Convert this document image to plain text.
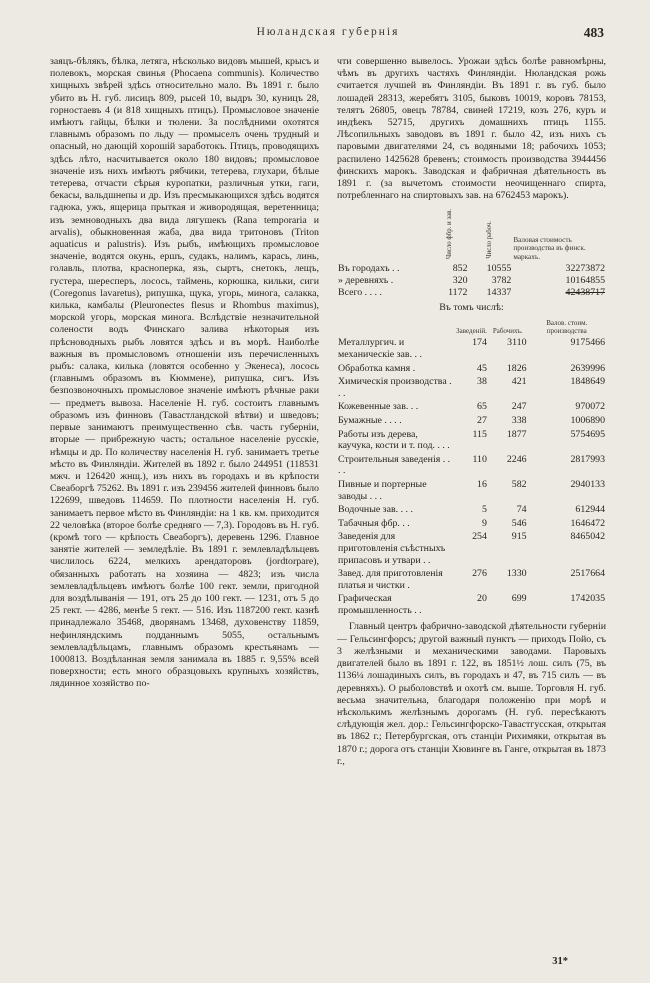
Нюландская губернія	483

заяцъ-бѣлякъ, бѣлка, летяга, нѣсколько видовъ мышей, крысъ и полевокъ, морская свинья (Phocaena communis). Количество хищныхъ звѣрей здѣсь относительно мало. Въ 1891 г. было убито въ Н. губ. лисицъ 809, рысей 10, выдръ 30, куницъ 28, горностаевъ 4 (и 818 хищныхъ птицъ). Промысловое значеніе имѣютъ гайцы, бѣлки и тюлени. За послѣдними охотятся главнымъ образомъ по льду — промыселъ очень трудный и опасный, но дающій хорошій заработокъ. Птицъ, проводящихъ здѣсь лѣто, насчитывается около 180 видовъ; промысловое значеніе изъ нихъ имѣютъ рябчики, тетерева, глухари, бѣлые тетерева, отчасти сѣрыя куропатки, различныя утки, гаги, бекасы, вальдшнепы и др. Изъ пресмыкающихся здѣсь водятся гадюка, ужъ, ящерица прыткая и живородящая, веретенница; изъ земноводныхъ два вида лягушекъ (Rana temporaria и arvalis), обыкновенная жаба, два вида тритоновъ (Triton aquaticus и palustris). Изъ рыбъ, имѣющихъ промысловое значеніе, водятся окунь, ершъ, судакъ, налимъ, карась, линь, голавль, плотва, красноперка, язь, сыртъ, снетокъ, лещъ, густера, шересперъ, лосось, таймень, корюшка, кильки, сиги (Coregonus lavaretus), рипушка, щука, угорь, минога, салакка, килька, камбалы (Pleuronectes flesus и Rhombus maximus), морской угорь, морская минога. Вслѣдствіе незначительной солености водъ Финскаго залива нѣкоторыя изъ прѣсноводныхъ рыбъ ловятся здѣсь и въ морѣ. Наиболѣе важныя въ промысловомъ отношеніи изъ перечисленныхъ рыбъ: салака, килька (ловятся особенно у Экенеса), лосось (главнымъ образомъ въ Кюммене), рипушка, сигъ. Изъ безпозвоночныхъ промысловое значеніе имѣютъ рѣчные раки — предметъ вывоза. Населеніе Н. губ. состоитъ главнымъ образомъ изъ финновъ (Тавастландской вѣтви) и шведовъ; первые занимаютъ преимущественно сѣв. часть губерніи, вторые — прибрежную часть; остальное населеніе русскіе, нѣмцы и др. По количеству населенія Н. губ. занимаетъ третье мѣсто въ Финляндіи. Жителей въ 1892 г. было 244951 (118531 мжч. и 126420 жнщ.), изъ нихъ въ городахъ и въ крѣпости Свеаборгѣ 75262. Въ 1891 г. изъ 239456 жителей финновъ было 122699, шведовъ 114659. По плотности населенія Н. губ. занимаетъ первое мѣсто въ Финляндіи: на 1 кв. км. приходится 22 человѣка (второе болѣе средняго — 7,3). Городовъ въ Н. губ. (кромѣ того — крѣпость Свеаборгъ), деревень 1296. Главное занятіе жителей — земледѣліе. Въ 1891 г. землевладѣльцевъ числилось 6224, мелкихъ арендаторовъ (jordtorpare), обязанныхъ работать на хозяина — 4823; изъ числа землевладѣльцевъ имѣютъ болѣе 100 гект. земли, пригодной для воздѣлыванія — 191, отъ 25 до 100 гект. — 1231, отъ 5 до 25 гект. — 4286, менѣе 5 гект. — 516. Изъ 1187200 гект. казнѣ принадлежало 35468, дворянамъ 13468, духовенству 11859, нефинляндскимъ подданнымъ 5055, остальнымъ землевладѣльцамъ, главнымъ образомъ крестьянамъ — 1000813. Воздѣланная земля занимала въ 1885 г. 9,55% всей поверхности; есть много образцовыхъ крупныхъ хозяйствъ, лядинное хозяйство по-

чти совершенно вывелось. Урожаи здѣсь болѣе равномѣрны, чѣмъ въ другихъ частяхъ Финляндіи. Нюландская рожь считается лучшей въ Финляндіи. Въ 1891 г. въ губ. было лошадей 28313, жеребятъ 3105, быковъ 10019, коровъ 78153, телятъ 26805, овецъ 78784, свиней 17219, козъ 276, куръ и индѣекъ 52715, другихъ домашнихъ птицъ 1155. Лѣсопильныхъ заводовъ въ 1891 г. было 42, изъ нихъ съ паровыми двигателями 24, съ водяными 18; рабочихъ 1053; распилено 1425628 бревенъ; стоимость производства 3944456 финскихъ марокъ. Заводская и фабричная дѣятельность въ 1891 г. (за вычетомъ стоимости неочищеннаго спирта, потребленнаго на спиртовыхъ зав. на 6762453 марокъ).

	Число фбр. и зав.	Число рабоч.	Валовая стоимость производства въ финск. маркахъ.
Въ городахъ . .	852	10555	32273872
» деревняхъ .	320	3782	10164855
Всего . . . .	1172	14337	42438717
Въ томъ числѣ:
	Заведеній.	Рабочихъ.	Валов. стоим. производства
Металлургич. и механическіе зав. . .	174	3110	9175466
Обработка камня .	45	1826	2639996
Химическія производства . . .	38	421	1848649
Кожевенные зав. . .	65	247	970072
Бумажные . . . .	27	338	1006890
Работы изъ дерева, каучука, кости и т. под. . . .	115	1877	5754695
Строительныя заведенія . . . .	110	2246	2817993
Пивные и портерные заводы . . .	16	582	2940133
Водочные зав. . . .	5	74	612944
Табачныя фбр. . .	9	546	1646472
Заведенія для приготовленія съѣстныхъ припасовъ и утвари . .	254	915	8465042
Завед. для приготовленія платья и чистки .	276	1330	2517664
Графическая промышленность . .	20	699	1742035

Главный центръ фабрично-заводской дѣятельности губерніи — Гельсингфорсъ; другой важный пунктъ — приходъ Пойо, съ 3 желѣзными и механическими заводами. Паровыхъ двигателей было въ 1891 г. 122, въ 1851½ лош. силъ (75, въ 1136¼ лошадиныхъ силъ, въ городахъ и 47, въ 715 силъ — въ деревняхъ). О рыболовствѣ и охотѣ см. выше. Торговля Н. губ. весьма значительна, благодаря положенію при морѣ и нѣсколькимъ желѣзнымъ дорогамъ (Н. губ. пересѣкаютъ слѣдующія жел. дор.: Гельсингфорско-Тавастгусская, открытая въ 1862 г.; Петербургская, отъ станціи Рихимяки, открытая въ 1870 г.; дорога отъ станціи Хювинге въ Ганге, открытая въ 1873 г.,

31*
